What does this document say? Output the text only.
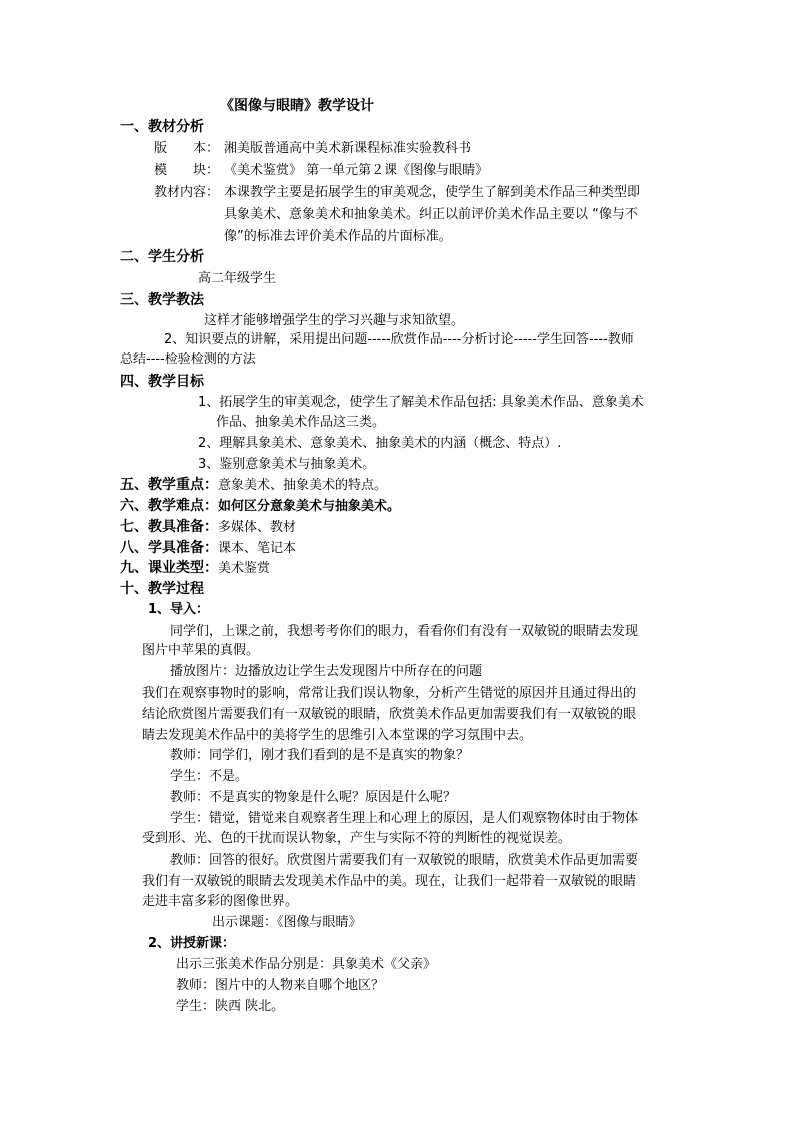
《图像与眼睛》教学设计
一、教材分析
版　　本： 湘美版普通高中美术新课程标准实验教科书
模　　块： 《美术鉴赏》 第一单元第２课《图像与眼睛》
教材内容： 本课教学主要是拓展学生的审美观念，使学生了解到美术作品三种类型即
具象美术、意象美术和抽象美术。纠正以前评价美术作品主要以 “像与不
像”的标准去评价美术作品的片面标准。
二、学生分析
高二年级学生
三、教学教法
这样才能够增强学生的学习兴趣与求知欲望。
2、知识要点的讲解，采用提出问题-----欣赏作品----分析讨论-----学生回答----教师
总结----检验检测的方法
四、教学目标
1、拓展学生的审美观念，使学生了解美术作品包括: 具象美术作品、意象美术
作品、抽象美术作品这三类。
2、理解具象美术、意象美术、抽象美术的内涵（概念、特点）.
3、鉴别意象美术与抽象美术。
五、教学重点：意象美术、抽象美术的特点。
六、教学难点：如何区分意象美术与抽象美术。
七、教具准备：多媒体、教材
八、学具准备：课本、笔记本
九、课业类型：美术鉴赏
十、教学过程
1、导入：
同学们，上课之前，我想考考你们的眼力，看看你们有没有一双敏锐的眼睛去发现
图片中苹果的真假。
播放图片：边播放边让学生去发现图片中所存在的问题
我们在观察事物时的影响，常常让我们误认物象，分析产生错觉的原因并且通过得出的
结论欣赏图片需要我们有一双敏锐的眼睛，欣赏美术作品更加需要我们有一双敏锐的眼
睛去发现美术作品中的美将学生的思维引入本堂课的学习氛围中去。
教师：同学们，刚才我们看到的是不是真实的物象？
学生：不是。
教师：不是真实的物象是什么呢？原因是什么呢？
学生：错觉，错觉来自观察者生理上和心理上的原因，是人们观察物体时由于物体
受到形、光、色的干扰而误认物象，产生与实际不符的判断性的视觉误差。
教师：回答的很好。欣赏图片需要我们有一双敏锐的眼睛，欣赏美术作品更加需要
我们有一双敏锐的眼睛去发现美术作品中的美。现在，让我们一起带着一双敏锐的眼睛
走进丰富多彩的图像世界。
出示课题：《图像与眼睛》
2、讲授新课：
出示三张美术作品分别是：具象美术《父亲》
教师：图片中的人物来自哪个地区？
学生：陕西 陕北。
